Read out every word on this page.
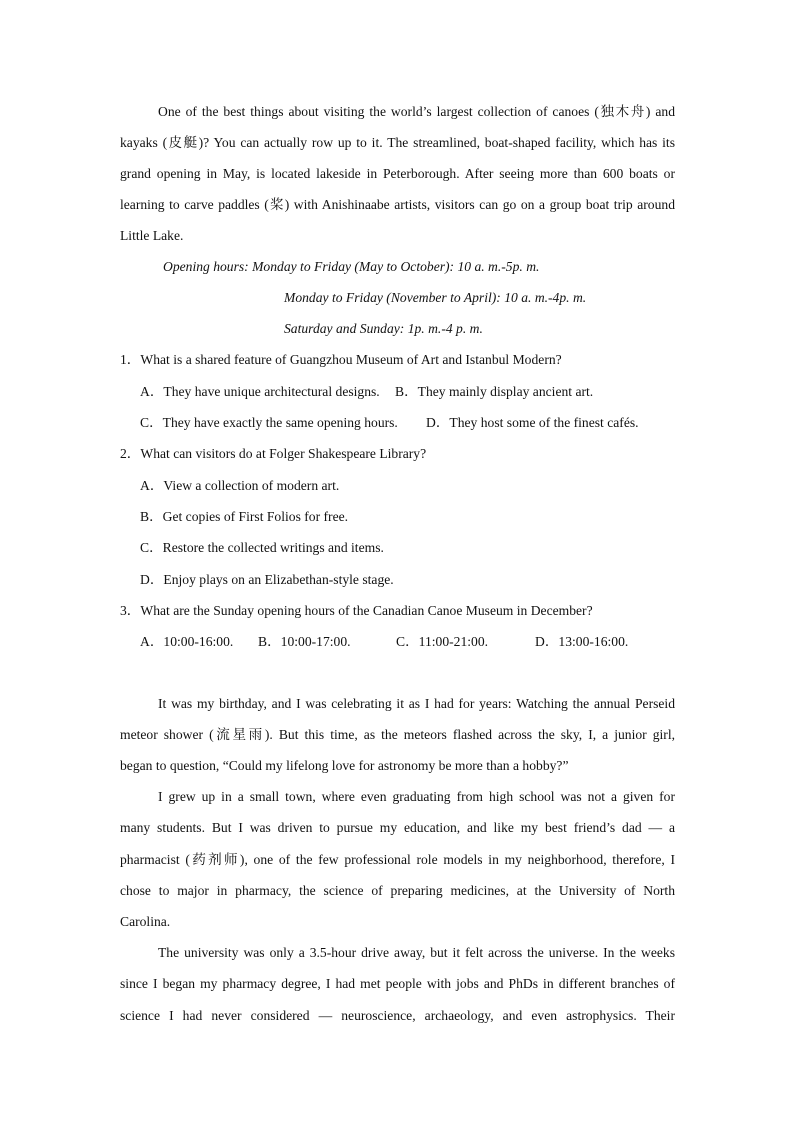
One of the best things about visiting the world’s largest collection of canoes (独木舟) and
kayaks (皮艇)? You can actually row up to it. The streamlined, boat-shaped facility, which has its
grand opening in May, is located lakeside in Peterborough. After seeing more than 600 boats or
learning to carve paddles (桨) with Anishinaabe artists, visitors can go on a group boat trip around
Little Lake.
Opening hours: Monday to Friday (May to October): 10 a. m.-5p. m.
Monday to Friday (November to April): 10 a. m.-4p. m.
Saturday and Sunday: 1p. m.-4 p. m.
1．What is a shared feature of Guangzhou Museum of Art and Istanbul Modern?
A．They have unique architectural designs. B．They mainly display ancient art.
C．They have exactly the same opening hours. D．They host some of the finest cafés.
2．What can visitors do at Folger Shakespeare Library?
A．View a collection of modern art.
B．Get copies of First Folios for free.
C．Restore the collected writings and items.
D．Enjoy plays on an Elizabethan-style stage.
3．What are the Sunday opening hours of the Canadian Canoe Museum in December?
A．10:00-16:00. B．10:00-17:00.	C．11:00-21:00.	D．13:00-16:00.
It was my birthday, and I was celebrating it as I had for years: Watching the annual Perseid
meteor shower (流星雨). But this time, as the meteors flashed across the sky, I, a junior girl,
began to question, “Could my lifelong love for astronomy be more than a hobby?”
I grew up in a small town, where even graduating from high school was not a given for
many students. But I was driven to pursue my education, and like my best friend’s dad — a
pharmacist (药剂师), one of the few professional role models in my neighborhood, therefore, I
chose to major in pharmacy, the science of preparing medicines, at the University of North
Carolina.
The university was only a 3.5-hour drive away, but it felt across the universe. In the weeks
since I began my pharmacy degree, I had met people with jobs and PhDs in different branches of
science I had never considered — neuroscience, archaeology, and even astrophysics. Their
